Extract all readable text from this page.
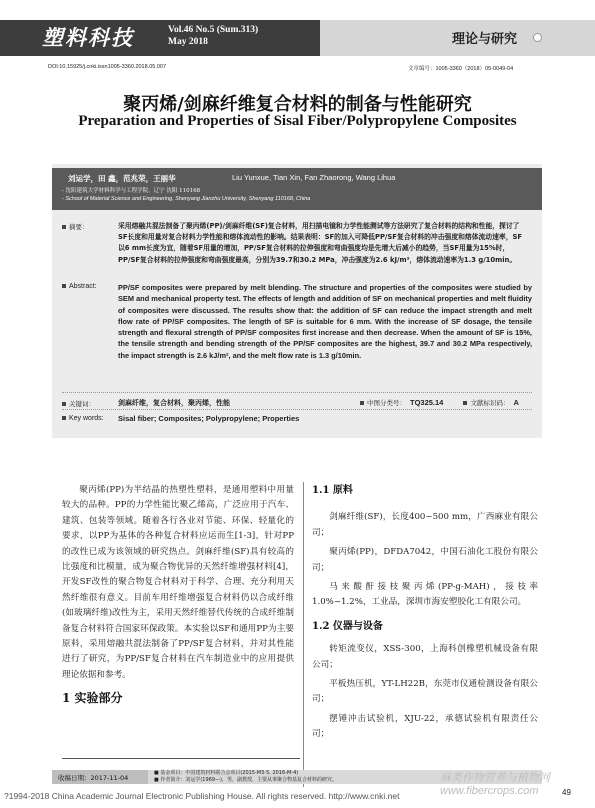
塑料科技	Vol.46 No.5 (Sum.313)
May 2018	理论与研究
DOI:10.15925/j.cnki.issn1005-3360.2018.05.007	文章编号：1005-3360（2018）05-0049-04
聚丙烯/剑麻纤维复合材料的制备与性能研究
Preparation and Properties of Sisal Fiber/Polypropylene Composites
刘运学，田 鑫，范兆荣，王丽华	Liu Yunxue, Tian Xin, Fan Zhaorong, Wang Lihua
- 沈阳建筑大学材料科学与工程学院，辽宁 沈阳 110168
- School of Material Science and Engineering, Shenyang Jianzhu University, Shenyang 110168, China
摘要：	采用熔融共混法制备了聚丙烯(PP)/剑麻纤维(SF)复合材料，用扫描电镜和力学性能测试等方法研究了复合材料的结构和性能，探讨了SF长度和用量对复合材料力学性能和熔体流动性的影响。结果表明：SF的加入可降低PP/SF复合材料的冲击强度和熔体流动速率，SF以6 mm长度为宜，随着SF用量的增加，PP/SF复合材料的拉伸强度和弯曲强度均是先增大后减小的趋势，当SF用量为15%时，PP/SF复合材料的拉伸强度和弯曲强度最高，分别为39.7和30.2 MPa，冲击强度为2.6 kJ/m²，熔体流动速率为1.3 g/10min。
Abstract:	PP/SF composites were prepared by melt blending. The structure and properties of the composites were studied by SEM and mechanical property test. The effects of length and addition of SF on mechanical properties and melt fluidity of composites were discussed. The results show that: the addition of SF can reduce the impact strength and melt flow rate of PP/SF composites. The length of SF is suitable for 6 mm. With the increase of SF dosage, the tensile strength and flexural strength of PP/SF composites first increase and then decrease. When the amount of SF is 15%, the tensile strength and bending strength of the PP/SF composites are the highest, 39.7 and 30.2 MPa respectively, the impact strength is 2.6 kJ/m², and the melt flow rate is 1.3 g/10min.
关键词：	剑麻纤维，复合材料，聚丙烯，性能	中图分类号： TQ325.14	文献标识码： A
Key words: Sisal fiber; Composites; Polypropylene; Properties

聚丙烯(PP)为半结晶的热塑性塑料，是通用塑料中用量较大的品种。PP的力学性能比聚乙烯高，广泛应用于汽车、建筑、包装等领域。随着各行各业对节能、环保、轻量化的要求，以PP为基体的各种复合材料应运而生[1-3]，针对PP的改性已成为该领域的研究热点。剑麻纤维(SF)具有较高的比强度和比模量，成为聚合物优异的天然纤维增强材料[4]，开发SF改性的聚合物复合材料对于科学、合理、充分利用天然纤维很有意义。目前车用纤维增强复合材料仍以合成纤维(如玻璃纤维)改性为主，采用天然纤维替代传统的合成纤维制备复合材料符合国家环保政策。本实验以SF和通用PP为主要原料，采用熔融共混法制备了PP/SF复合材料，并对其性能进行了研究，为PP/SF复合材料在汽车制造业中的应用提供理论依据和参考。

1 实验部分
1.1 原料

剑麻纤维(SF)，长度400~500 mm，广西麻业有限公司；

聚丙烯(PP)，DFDA7042，中国石油化工股份有限公司；

马来酸酐接枝聚丙烯(PP-g-MAH)，接枝率1.0%~1.2%，工业品，深圳市海安塑胶化工有限公司。

1.2 仪器与设备

转矩流变仪，XSS-300，上海科创橡塑机械设备有限公司；

平板热压机，YT-LH22B，东莞市仪通检测设备有限公司；

摆锤冲击试验机，XJU-22，承德试验机有限责任公司；

收稿日期：2017-11-04
■ 基金项目：中国建筑材料联合会项目(2015-M3-5, 2016-M-4)
■ 作者简介：刘运学(1969—)，男，副教授，主要从事聚合物基复合材料的研究。	麻类作物营养与植物网
www.fibercrops.com
?1994-2018 China Academic Journal Electronic Publishing House. All rights reserved. http://www.cnki.net	49
